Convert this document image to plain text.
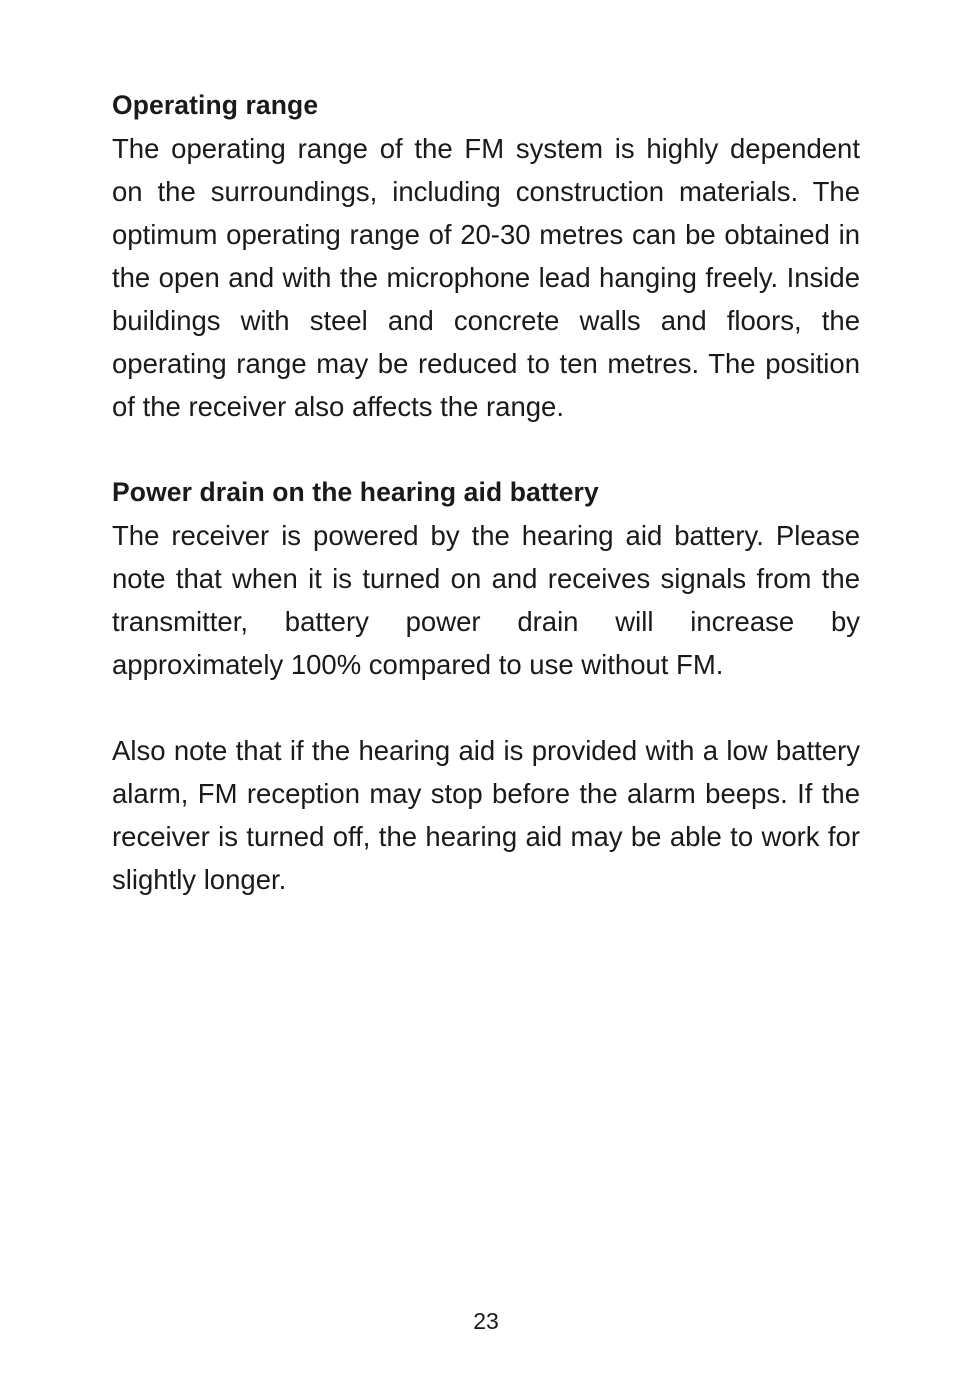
Operating range

The operating range of the FM system is highly dependent on the surroundings, including construction materials. The optimum operating range of 20-30 metres can be obtained in the open and with the microphone lead hanging freely. Inside buildings with steel and concrete walls and floors, the operating range may be reduced to ten metres. The position of the receiver also affects the range.

Power drain on the hearing aid battery

The receiver is powered by the hearing aid battery. Please note that when it is turned on and receives signals from the transmitter, battery power drain will increase by approximately 100% compared to use without FM.

Also note that if the hearing aid is provided with a low battery alarm, FM reception may stop before the alarm beeps. If the receiver is turned off, the hearing aid may be able to work for slightly longer.

23
